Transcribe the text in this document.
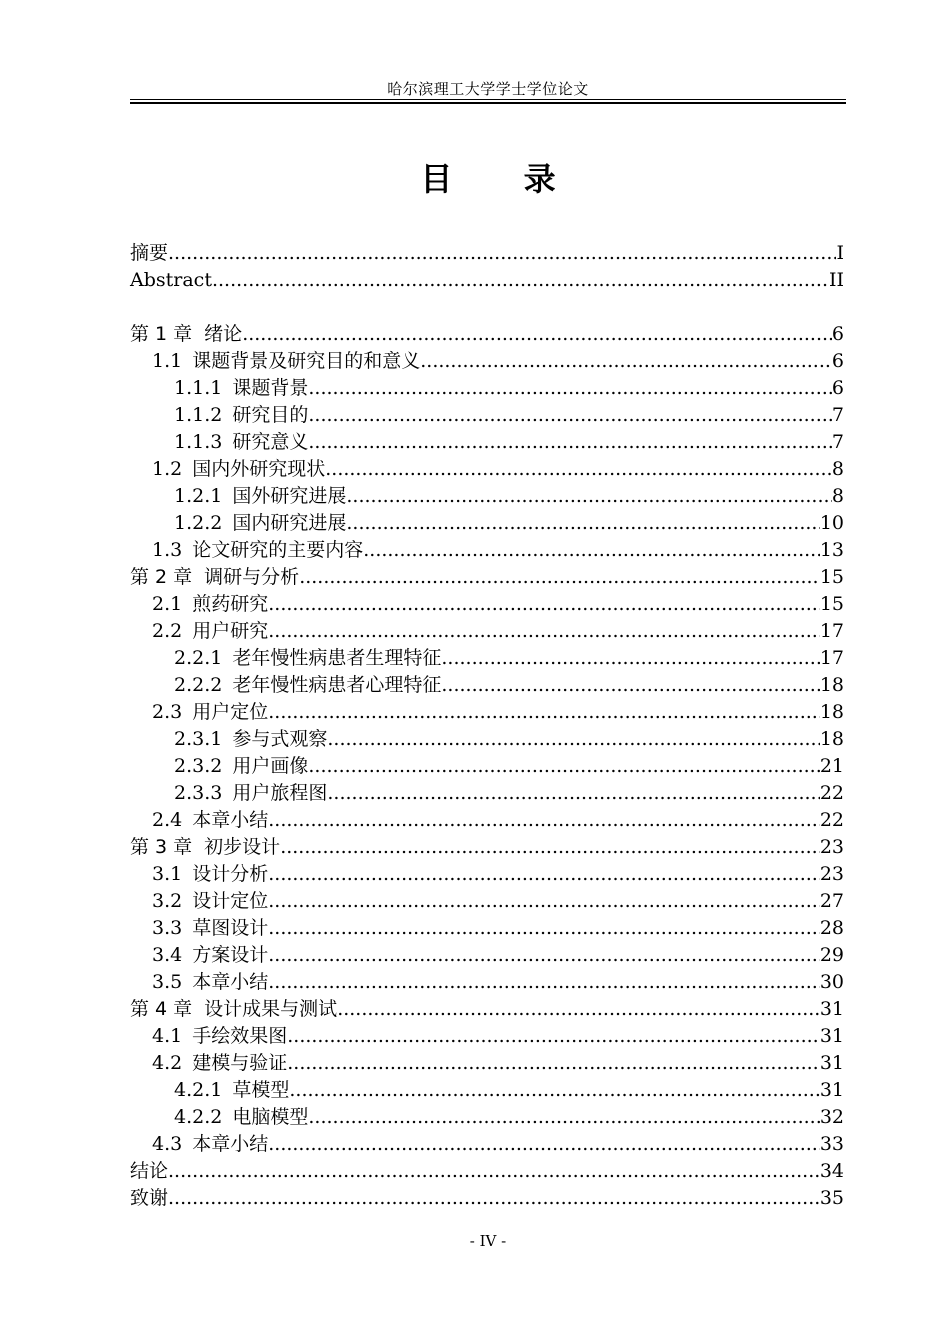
哈尔滨理工大学学士学位论文
目 录
摘要 .....	I
Abstract .....	II
第 1 章 绪论 .....	6
1.1 课题背景及研究目的和意义 .....	6
1.1.1 课题背景 .....	6
1.1.2 研究目的 .....	7
1.1.3 研究意义 .....	7
1.2 国内外研究现状 .....	8
1.2.1 国外研究进展 .....	8
1.2.2 国内研究进展 .....	10
1.3 论文研究的主要内容 .....	13
第 2 章 调研与分析 .....	15
2.1 煎药研究 .....	15
2.2 用户研究 .....	17
2.2.1 老年慢性病患者生理特征 .....	17
2.2.2 老年慢性病患者心理特征 .....	18
2.3 用户定位 .....	18
2.3.1 参与式观察 .....	18
2.3.2 用户画像 .....	21
2.3.3 用户旅程图 .....	22
2.4 本章小结 .....	22
第 3 章 初步设计 .....	23
3.1 设计分析 .....	23
3.2 设计定位 .....	27
3.3 草图设计 .....	28
3.4 方案设计 .....	29
3.5 本章小结 .....	30
第 4 章 设计成果与测试 .....	31
4.1 手绘效果图 .....	31
4.2 建模与验证 .....	31
4.2.1 草模型 .....	31
4.2.2 电脑模型 .....	32
4.3 本章小结 .....	33
结论 .....	34
致谢 .....	35
- IV -
